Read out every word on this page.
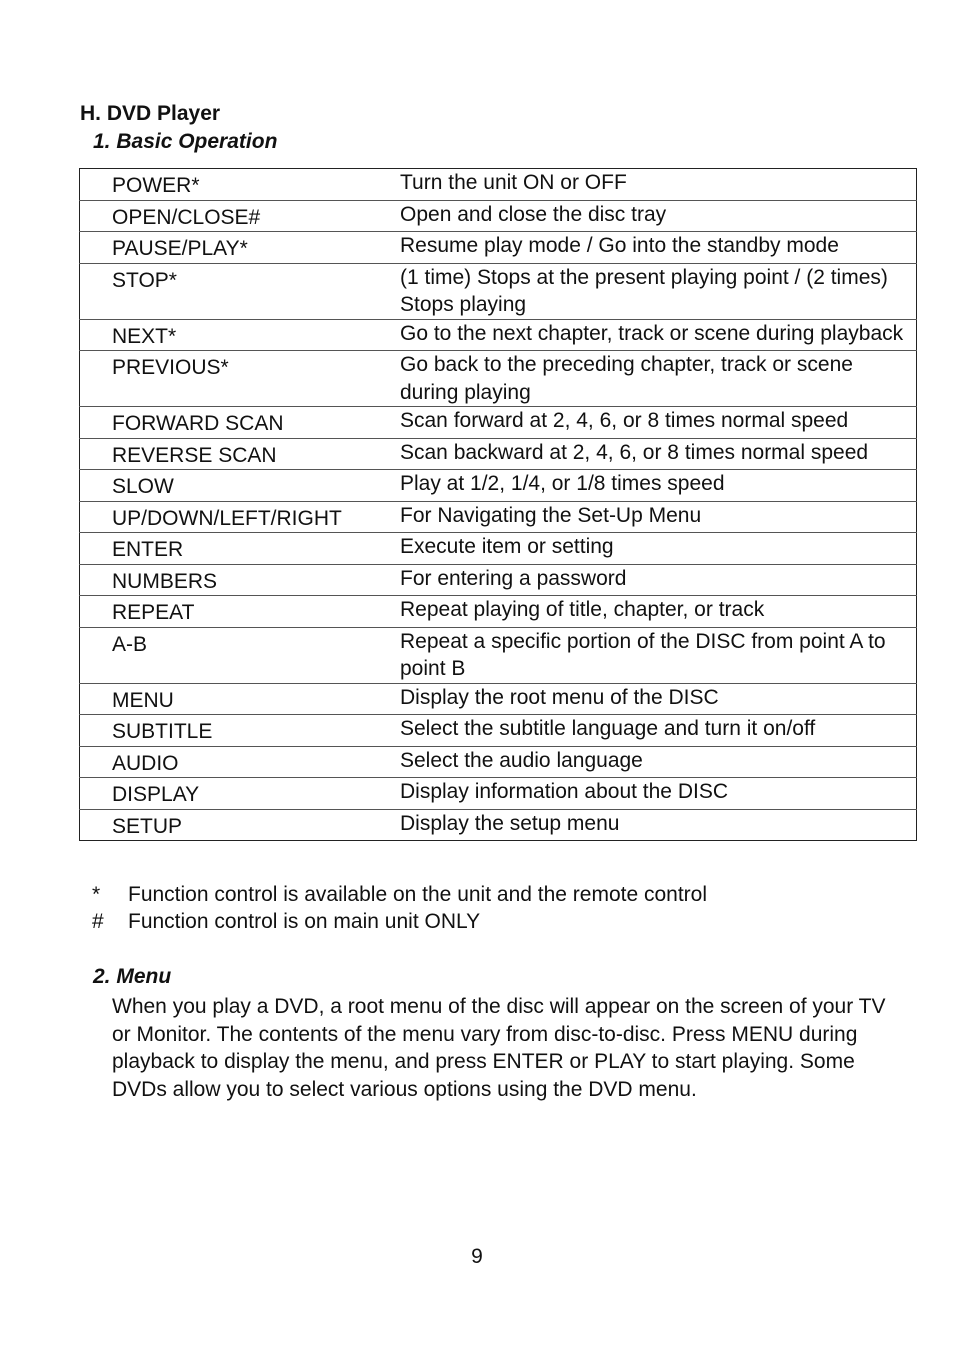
H. DVD Player
1. Basic Operation
POWER*	Turn the unit ON or OFF
OPEN/CLOSE#	Open and close the disc tray
PAUSE/PLAY*	Resume play mode / Go into the standby mode
STOP*	(1 time) Stops at the present playing point / (2 times) Stops playing
NEXT*	Go to the next chapter, track or scene during playback
PREVIOUS*	Go back to the preceding chapter, track or scene during playing
FORWARD SCAN	Scan forward at 2, 4, 6, or 8 times normal speed
REVERSE SCAN	Scan backward at 2, 4, 6, or 8 times normal speed
SLOW	Play at 1/2, 1/4, or 1/8 times speed
UP/DOWN/LEFT/RIGHT	For Navigating the Set-Up Menu
ENTER	Execute item or setting
NUMBERS	For entering a password
REPEAT	Repeat playing of title, chapter, or track
A-B	Repeat a specific portion of the DISC from point A to point B
MENU	Display the root menu of the DISC
SUBTITLE	Select the subtitle language and turn it on/off
AUDIO	Select the audio language
DISPLAY	Display information about the DISC
SETUP	Display the setup menu
*	Function control is available on the unit and the remote control
#	Function control is on main unit ONLY
2. Menu

When you play a DVD, a root menu of the disc will appear on the screen of your TV or Monitor. The contents of the menu vary from disc-to-disc. Press MENU during playback to display the menu, and press ENTER or PLAY to start playing. Some DVDs allow you to select various options using the DVD menu.

9
